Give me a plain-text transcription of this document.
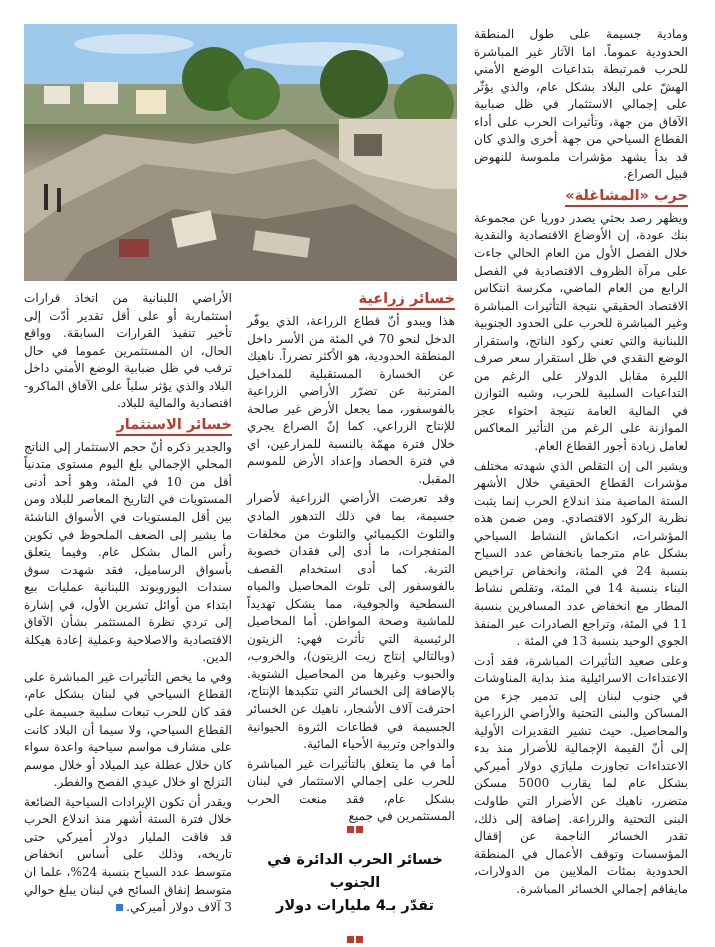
ومادية جسيمة على طول المنطقة الحدودية عموماً. اما الآثار غير المباشرة للحرب فمرتبطة بتداعيات الوضع الأمني الهشّ على البلاد بشكل عام، والذي يؤثّر على إجمالي الاستثمار في ظل ضبابية الآفاق من جهة، وتأثيرات الحرب على أداء القطاع السياحي من جهة أخرى والذي كان قد بدأ يشهد مؤشرات ملموسة للنهوض قبيل الصراع.

حرب «المشاغلة»

ويظهر رصد بحثي يصدر دوريا عن مجموعة بنك عودة، إن الأوضاع الاقتصادية والنقدية خلال الفصل الأول من العام الحالي جاءت على مرآة الظروف الاقتصادية في الفصل الرابع من العام الماضي، مكرسة انتكاس الاقتصاد الحقيقي نتيجة التأثيرات المباشرة وغير المباشرة للحرب على الحدود الجنوبية اللبنانية والتي تعني ركود الناتج، واستقرار الوضع النقدي في ظل استقرار سعر صرف الليرة مقابل الدولار على الرغم من التداعيات السلبية للحرب، وشبه التوازن في المالية العامة نتيجة احتواء عجز الموازنة على الرغم من التأثير المعاكس لعامل زيادة أجور القطاع العام.

ويشير الى إن التقلص الذي شهدته مختلف مؤشرات القطاع الحقيقي خلال الأشهر الستة الماضية منذ اندلاع الحرب إنما يثبت نظرية الركود الاقتصادي. ومن ضمن هذه المؤشرات، انكماش النشاط السياحي بشكل عام مترجما بانخفاض عدد السياح بنسبة 24 في المئة، وانخفاض تراخيص البناء بنسبة 14 في المئة، وتقلص نشاط المطار مع انخفاض عدد المسافرين بنسبة 11 في المئة، وتراجع الصادرات عبر المنفذ الجوي الوحيد بنسبة 13 في المئة .

وعلى صعيد التأثيرات المباشرة، فقد أدت الاعتداءات الاسرائيلية منذ بداية المناوشات في جنوب لبنان إلى تدمير جزء من المساكن والبنى التحتية والأراضي الزراعية والمحاصيل. حيث تشير التقديرات الأولية إلى أنّ القيمة الإجمالية للأضرار منذ بدء الاعتداءات تجاوزت مليارَي دولار أميركي بشكل عام لما يقارب 5000 مسكن متضرر، ناهيك عن الأضرار التي طاولت البنى التحتية والزراعة. إضافة إلى ذلك، تقدر الخسائر الناجمة عن إقفال المؤسسات وتوقف الأعمال في المنطقة الحدودية بمئات الملايين من الدولارات، مايفاقم إجمالي الخسائر المباشرة.

خسائر زراعية

هذا ويبدو أنّ قطاع الزراعة، الذي يوفّر الدخل لنحو 70 في المئة من الأسر داخل المنطقة الحدودية، هو الأكثر تضرراً. ناهيك عن الخسارة المستقبلية للمداخيل المترتبة عن تضرّر الأراضي الزراعية بالفوسفور، مما يجعل الأرض غير صالحة للإنتاج الزراعي. كما إنّ الصراع يجري خلال فترة مهمّة بالنسبة للمزارعين، اي في فترة الحصاد وإعداد الأرض للموسم المقبل.

وقد تعرضت الأراضي الزراعية لأضرار جسيمة، بما في ذلك التدهور المادي والتلوث الكيميائي والتلوث من مخلفات المتفجرات، ما أدى إلى فقدان خصوبة التربة. كما أدى استخدام القصف بالفوسفور إلى تلوث المحاصيل والمياه السطحية والجوفية، مما يشكل تهديداً للماشية وصحة المواطن. أما المحاصيل الرئيسية التي تأثرت فهي: الزيتون (وبالتالي إنتاج زيت الزيتون)، والخروب، والحبوب وغيرها من المحاصيل الشتوية. بالإضافة إلى الخسائر التي تتكبدها الإنتاج، احترقت آلاف الأشجار، ناهيك عن الخسائر الجسيمة في قطاعات الثروة الحيوانية والدواجن وتربية الأحياء المائية.

أما في ما يتعلق بالتأثيرات غير المباشرة للحرب على إجمالي الاستثمار في لبنان بشكل عام، فقد منعت الحرب المستثمرين في جميع

الأراضي اللبنانية من اتخاذ قرارات استثمارية أو على أقل تقدير أدّت إلى تأخير تنفيذ القرارات السابقة. وواقع الحال، ان المستثمرين عموما في حال ترقب في ظل ضبابية الوضع الأمني داخل البلاد والذي يؤثر سلباً على الآفاق الماكرو- اقتصادية والمالية للبلاد.

خسائر الاستثمار

والجدير ذكره أنّ حجم الاستثمار إلى الناتج المحلي الإجمالي بلغ اليوم مستوى متدنياً أقل من 10 في المئة، وهو أحد أدنى المستويات في التاريخ المعاصر للبلاد ومن بين أقل المستويات في الأسواق الناشئة ما يشير إلى الضعف الملحوظ في تكوين رأس المال بشكل عام. وفيما يتعلق بأسواق الرساميل، فقد شهدت سوق سندات اليوروبوند اللبنانية عمليات بيع ابتداء من أوائل تشرين الأول، في إشارة إلى تردي نظرة المستثمر بشأن الآفاق الاقتصادية والاصلاحية وعملية إعادة هيكلة الدين.

وفي ما يخص التأثيرات غير المباشرة على القطاع السياحي في لبنان بشكل عام، فقد كان للحرب تبعات سلبية جسيمة على القطاع السياحي، ولا سيما أن البلاد كانت على مشارف مواسم سياحية واعدة سواء كان خلال عطلة عيد الميلاد أو خلال موسم التزلج او خلال عيدي الفصح والفطر.

ويقدر أن تكون الإيرادات السياحية الضائعة خلال فترة الستة أشهر منذ اندلاع الحرب قد فاقت المليار دولار أميركي حتى تاريخه، وذلك على أساس انخفاض متوسط عدد السياح بنسبة 24%، علما ان متوسط إنفاق السائح في لبنان يبلغ حوالي 3 آلاف دولار أميركي.

خسائر الحرب الدائرة في الجنوب
تقدّر بـ4 مليارات دولار
